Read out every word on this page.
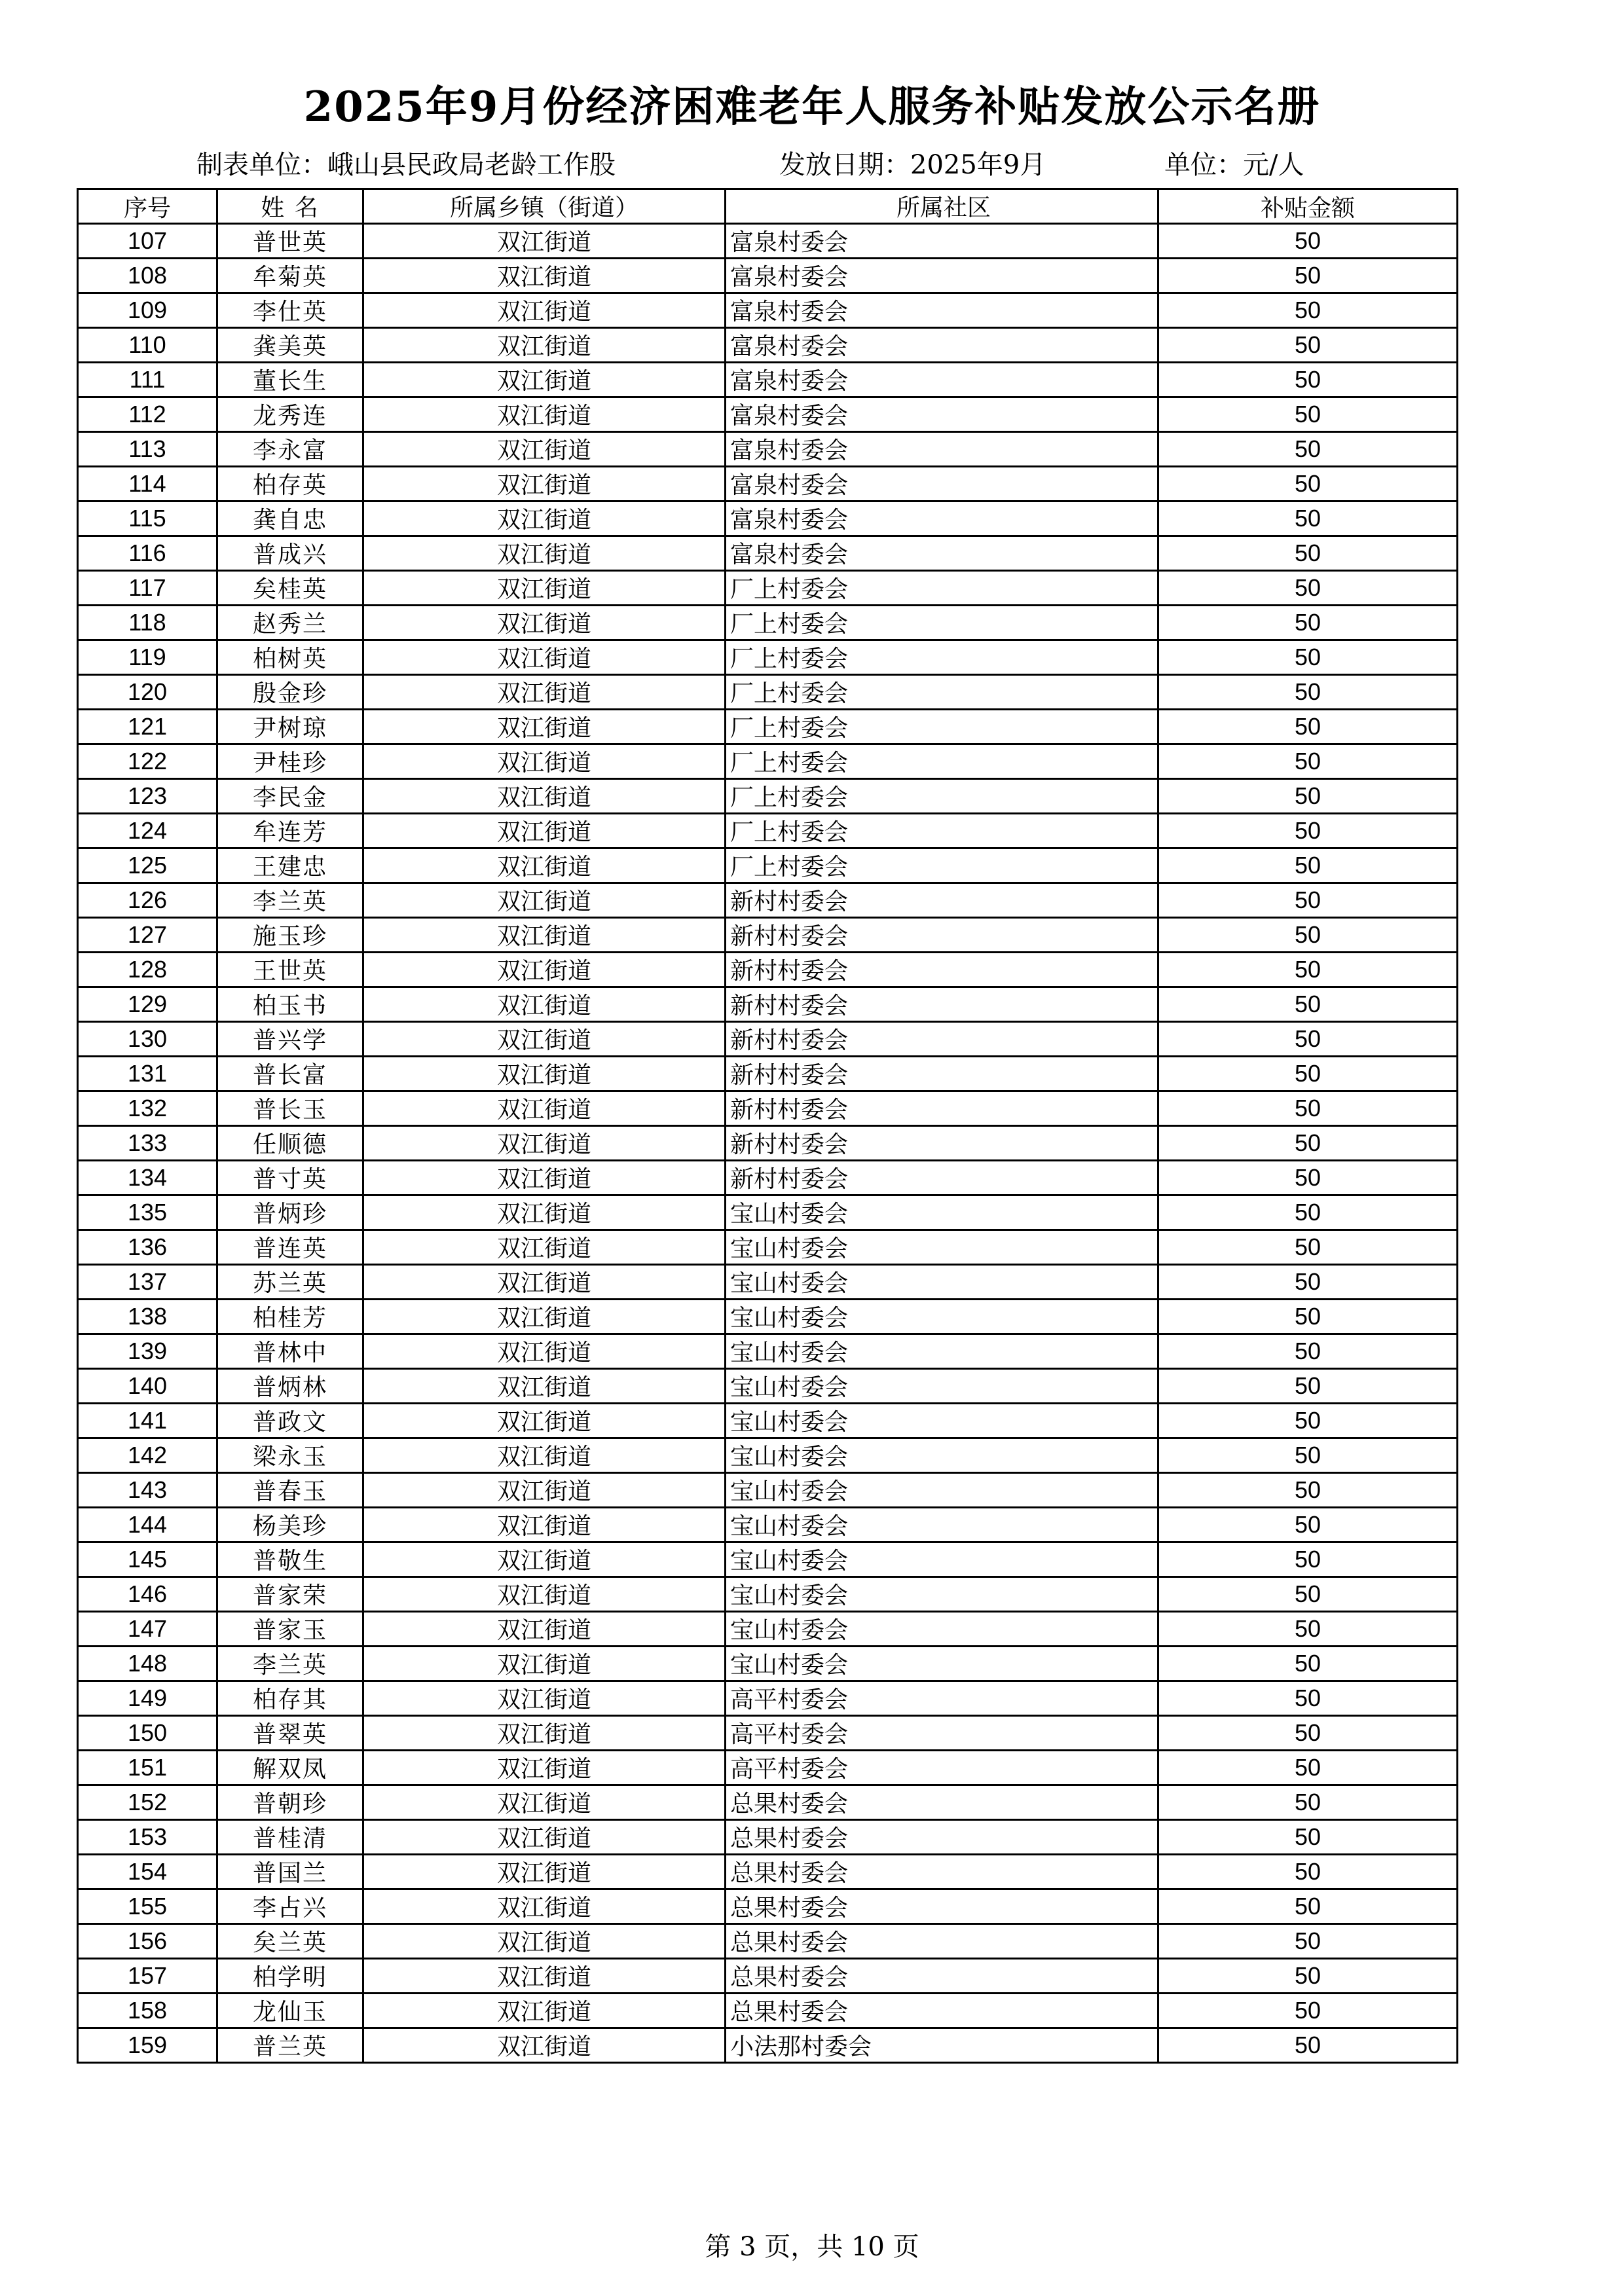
2025年9月份经济困难老年人服务补贴发放公示名册
制表单位：峨山县民政局老龄工作股	发放日期：2025年9月	单位：元/人
序号	姓 名	所属乡镇（街道）	所属社区	补贴金额
107	普世英	双江街道	富泉村委会	50
108	牟菊英	双江街道	富泉村委会	50
109	李仕英	双江街道	富泉村委会	50
110	龚美英	双江街道	富泉村委会	50
111	董长生	双江街道	富泉村委会	50
112	龙秀连	双江街道	富泉村委会	50
113	李永富	双江街道	富泉村委会	50
114	柏存英	双江街道	富泉村委会	50
115	龚自忠	双江街道	富泉村委会	50
116	普成兴	双江街道	富泉村委会	50
117	矣桂英	双江街道	厂上村委会	50
118	赵秀兰	双江街道	厂上村委会	50
119	柏树英	双江街道	厂上村委会	50
120	殷金珍	双江街道	厂上村委会	50
121	尹树琼	双江街道	厂上村委会	50
122	尹桂珍	双江街道	厂上村委会	50
123	李民金	双江街道	厂上村委会	50
124	牟连芳	双江街道	厂上村委会	50
125	王建忠	双江街道	厂上村委会	50
126	李兰英	双江街道	新村村委会	50
127	施玉珍	双江街道	新村村委会	50
128	王世英	双江街道	新村村委会	50
129	柏玉书	双江街道	新村村委会	50
130	普兴学	双江街道	新村村委会	50
131	普长富	双江街道	新村村委会	50
132	普长玉	双江街道	新村村委会	50
133	任顺德	双江街道	新村村委会	50
134	普寸英	双江街道	新村村委会	50
135	普炳珍	双江街道	宝山村委会	50
136	普连英	双江街道	宝山村委会	50
137	苏兰英	双江街道	宝山村委会	50
138	柏桂芳	双江街道	宝山村委会	50
139	普林中	双江街道	宝山村委会	50
140	普炳林	双江街道	宝山村委会	50
141	普政文	双江街道	宝山村委会	50
142	梁永玉	双江街道	宝山村委会	50
143	普春玉	双江街道	宝山村委会	50
144	杨美珍	双江街道	宝山村委会	50
145	普敬生	双江街道	宝山村委会	50
146	普家荣	双江街道	宝山村委会	50
147	普家玉	双江街道	宝山村委会	50
148	李兰英	双江街道	宝山村委会	50
149	柏存其	双江街道	高平村委会	50
150	普翠英	双江街道	高平村委会	50
151	解双凤	双江街道	高平村委会	50
152	普朝珍	双江街道	总果村委会	50
153	普桂清	双江街道	总果村委会	50
154	普国兰	双江街道	总果村委会	50
155	李占兴	双江街道	总果村委会	50
156	矣兰英	双江街道	总果村委会	50
157	柏学明	双江街道	总果村委会	50
158	龙仙玉	双江街道	总果村委会	50
159	普兰英	双江街道	小法那村委会	50
第 3 页，共 10 页
